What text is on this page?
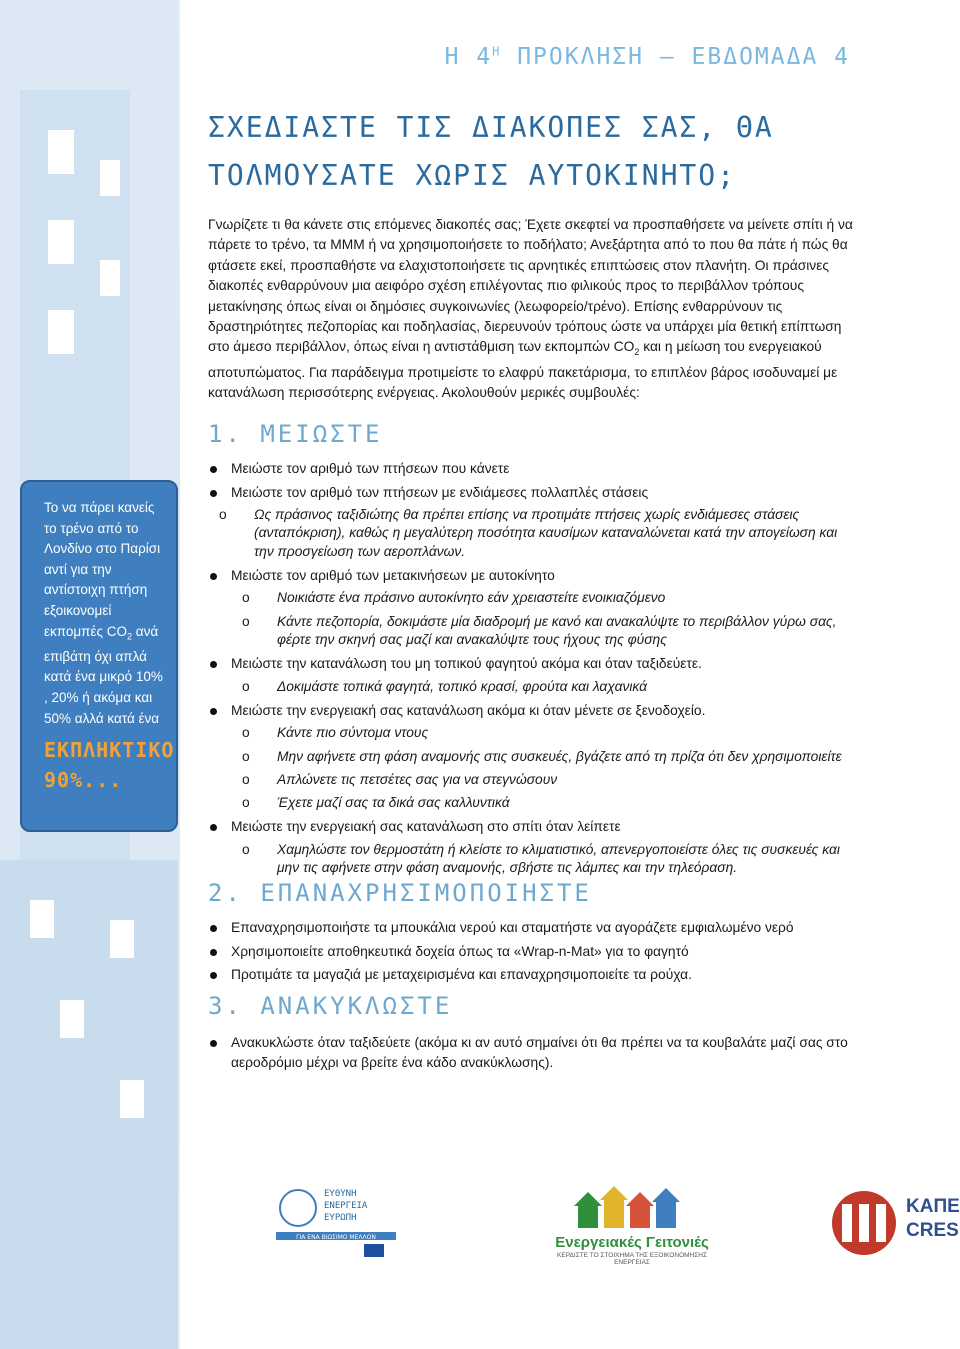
Το να πάρει κανείς το τρένο από το Λονδίνο στο Παρίσι αντί για την αντίστοιχη πτήση εξοικονομεί εκπομπές $CO_2$ ανά επιβάτη όχι απλά κατά ένα μικρό 10% , 20% ή ακόμα και 50% αλλά κατά ένα
ΕΚΠΛΗΚΤΙΚΟ 90%...
Η $4^H$ ΠΡΟΚΛΗΣΗ – ΕΒΔΟΜΑΔΑ 4
ΣΧΕΔΙΑΣΤΕ ΤΙΣ ΔΙΑΚΟΠΕΣ ΣΑΣ, ΘΑ ΤΟΛΜΟΥΣΑΤΕ ΧΩΡΙΣ ΑΥΤΟΚΙΝΗΤΟ;
Γνωρίζετε τι θα κάνετε στις επόμενες διακοπές σας; Έχετε σκεφτεί να προσπαθήσετε να μείνετε σπίτι ή να πάρετε το τρένο, τα ΜΜΜ ή να χρησιμοποιήσετε το ποδήλατο; Ανεξάρτητα από το που θα πάτε ή πώς θα φτάσετε εκεί, προσπαθήστε να ελαχιστοποιήσετε τις αρνητικές επιπτώσεις στον πλανήτη. Οι πράσινες διακοπές ενθαρρύνουν μια αειφόρο σχέση επιλέγοντας πιο φιλικούς προς το περιβάλλον τρόπους μετακίνησης όπως είναι οι δημόσιες συγκοινωνίες (λεωφορείο/τρένο). Επίσης ενθαρρύνουν τις δραστηριότητες πεζοπορίας και ποδηλασίας, διερευνούν τρόπους ώστε να υπάρχει μία θετική επίπτωση στο άμεσο περιβάλλον, όπως είναι η αντιστάθμιση των εκπομπών $CO_2$ και η μείωση του ενεργειακού αποτυπώματος. Για παράδειγμα προτιμείστε το ελαφρύ πακετάρισμα, το επιπλέον βάρος ισοδυναμεί με κατανάλωση περισσότερης ενέργειας. Ακολουθούν μερικές συμβουλές:
1. ΜΕΙΩΣΤΕ
Μειώστε τον αριθμό των πτήσεων που κάνετε
Μειώστε τον αριθμό των πτήσεων με ενδιάμεσες πολλαπλές στάσεις
o Ως πράσινος ταξιδιώτης θα πρέπει επίσης να προτιμάτε πτήσεις χωρίς ενδιάμεσες στάσεις (ανταπόκριση), καθώς η μεγαλύτερη ποσότητα καυσίμων καταναλώνεται κατά την απογείωση και την προσγείωση των αεροπλάνων.
Μειώστε τον αριθμό των μετακινήσεων με αυτοκίνητο
o Νοικιάστε ένα πράσινο αυτοκίνητο εάν χρειαστείτε ενοικιαζόμενο
o Κάντε πεζοπορία, δοκιμάστε μία διαδρομή με κανό και ανακαλύψτε το περιβάλλον γύρω σας, φέρτε την σκηνή σας μαζί και ανακαλύψτε τους ήχους της φύσης
Μειώστε την κατανάλωση του μη τοπικού φαγητού ακόμα και όταν ταξιδεύετε.
o Δοκιμάστε τοπικά φαγητά, τοπικό κρασί, φρούτα και λαχανικά
Μειώστε την ενεργειακή σας κατανάλωση ακόμα κι όταν μένετε σε ξενοδοχείο.
o Κάντε πιο σύντομα ντους
o Μην αφήνετε στη φάση αναμονής στις συσκευές, βγάζετε από τη πρίζα ότι δεν χρησιμοποιείτε
o Απλώνετε τις πετσέτες σας για να στεγνώσουν
o Έχετε μαζί σας τα δικά σας καλλυντικά
Μειώστε την ενεργειακή σας κατανάλωση στο σπίτι όταν λείπετε
o Χαμηλώστε τον θερμοστάτη ή κλείστε το κλιματιστικό, απενεργοποιείστε όλες τις συσκευές και μην τις αφήνετε στην φάση αναμονής, σβήστε τις λάμπες και την τηλεόραση.
2. ΕΠΑΝΑΧΡΗΣΙΜΟΠΟΙΗΣΤΕ
Επαναχρησιμοποιήστε τα μπουκάλια νερού και σταματήστε να αγοράζετε εμφιαλωμένο νερό
Χρησιμοποιείτε αποθηκευτικά δοχεία όπως τα «Wrap-n-Mat» για το φαγητό
Προτιμάτε τα μαγαζιά με μεταχειρισμένα και επαναχρησιμοποιείτε τα ρούχα.
3. ΑΝΑΚΥΚΛΩΣΤΕ
Ανακυκλώστε όταν ταξιδεύετε (ακόμα κι αν αυτό σημαίνει ότι θα πρέπει να τα κουβαλάτε μαζί σας στο αεροδρόμιο μέχρι να βρείτε ένα κάδο ανακύκλωσης).
ΕΥΘΥΝΗ
ΕΝΕΡΓΕΙΑ
ΕΥΡΩΠΗ
ΓΙΑ ΕΝΑ ΒΙΩΣΙΜΟ ΜΕΛΛΟΝ	Ενεργειακές Γειτονιές
ΚΕΡΔΙΣΤΕ ΤΟ ΣΤΟΙΧΗΜΑ ΤΗΣ ΕΞΟΙΚΟΝΟΜΗΣΗΣ ΕΝΕΡΓΕΙΑΣ
ΚΑΠΕ
CRES
